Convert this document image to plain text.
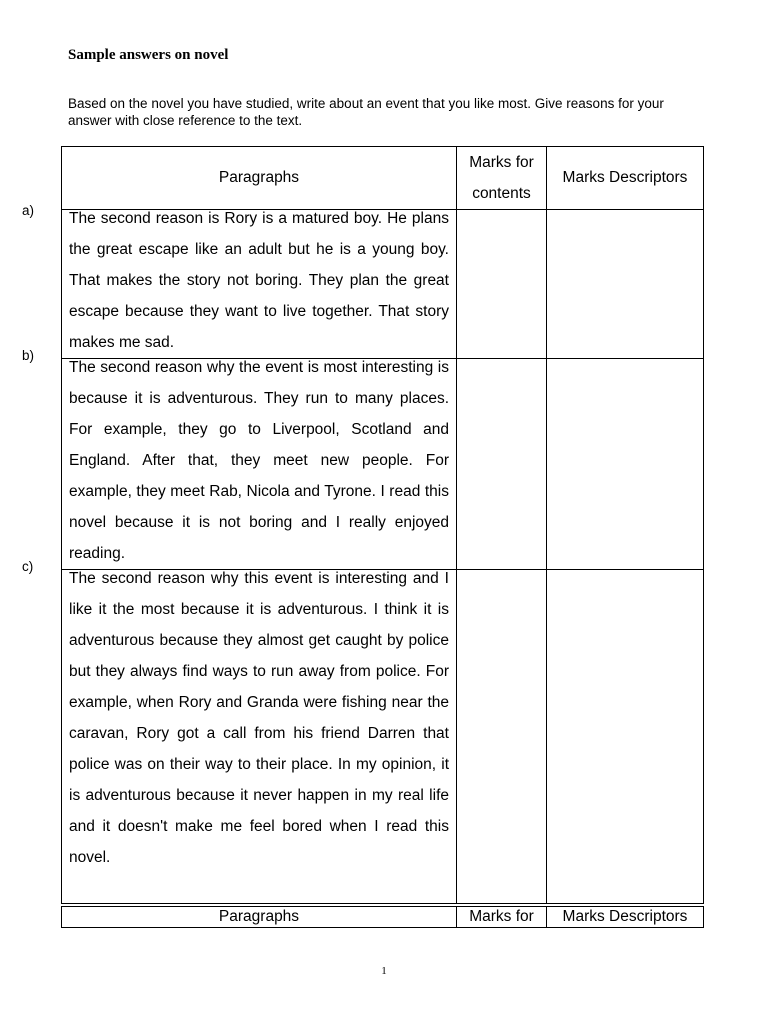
Sample answers on novel
Based on the novel you have studied, write about an event that you like most. Give reasons for your answer with close reference to the text.
a)
b)
c)
Paragraphs	Marks for contents	Marks Descriptors

The second reason is Rory is a matured boy. He plans the great escape like an adult but he is a young boy. That makes the story not boring. They plan the great escape because they want to live together. That story makes me sad.		

The second reason why the event is most interesting is because it is adventurous. They run to many places. For example, they go to Liverpool, Scotland and England. After that, they meet new people. For example, they meet Rab, Nicola and Tyrone. I read this novel because it is not boring and I really enjoyed reading.		

The second reason why this event is interesting and I like it the most because it is adventurous. I think it is adventurous because they almost get caught by police but they always find ways to run away from police. For example, when Rory and Granda were fishing near the caravan, Rory got a call from his friend Darren that police was on their way to their place. In my opinion, it is adventurous because it never happen in my real life and it doesn't make me feel bored when I read this novel.		

Paragraphs	Marks for	Marks Descriptors
1
